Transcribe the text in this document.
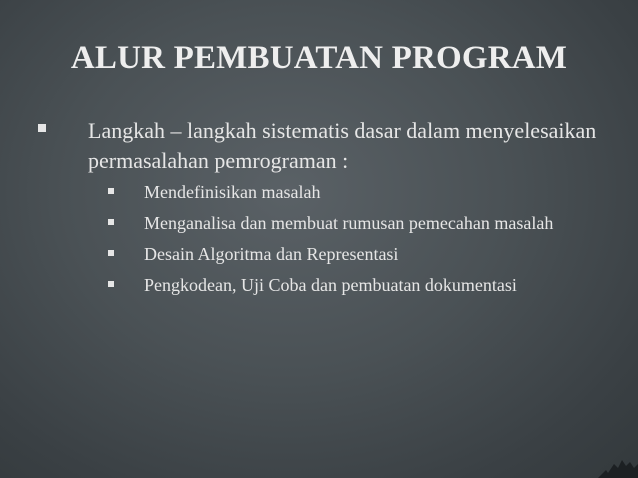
ALUR PEMBUATAN PROGRAM
Langkah – langkah sistematis dasar dalam menyelesaikan permasalahan pemrograman :
Mendefinisikan masalah
Menganalisa dan membuat rumusan pemecahan masalah
Desain Algoritma dan Representasi
Pengkodean, Uji Coba dan pembuatan dokumentasi
